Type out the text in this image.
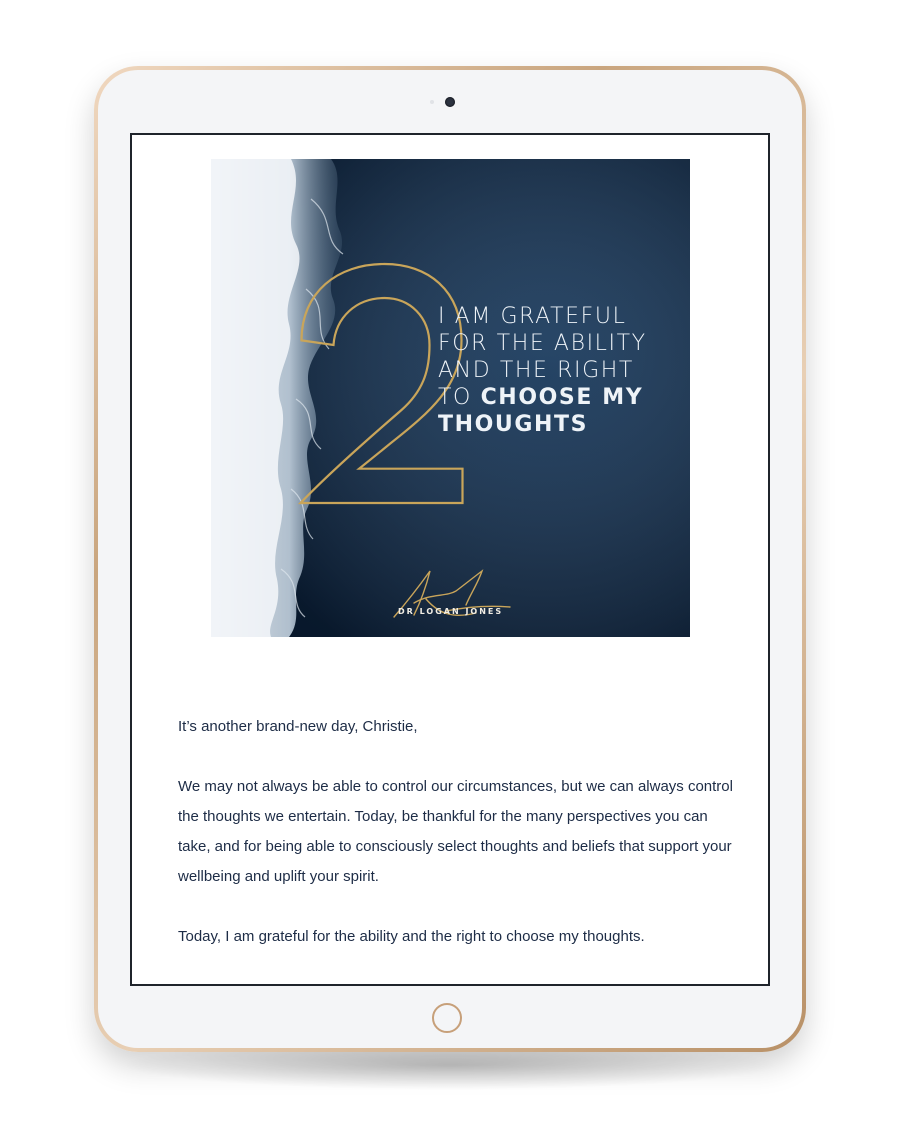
I AM GRATEFUL
FOR THE ABILITY
AND THE RIGHT
TO CHOOSE MY
THOUGHTS
DR LOGAN JONES

It’s another brand-new day, Christie,

We may not always be able to control our circumstances, but we can always control the thoughts we entertain. Today, be thankful for the many perspectives you can take, and for being able to consciously select thoughts and beliefs that support your wellbeing and uplift your spirit.

Today, I am grateful for the ability and the right to choose my thoughts.
